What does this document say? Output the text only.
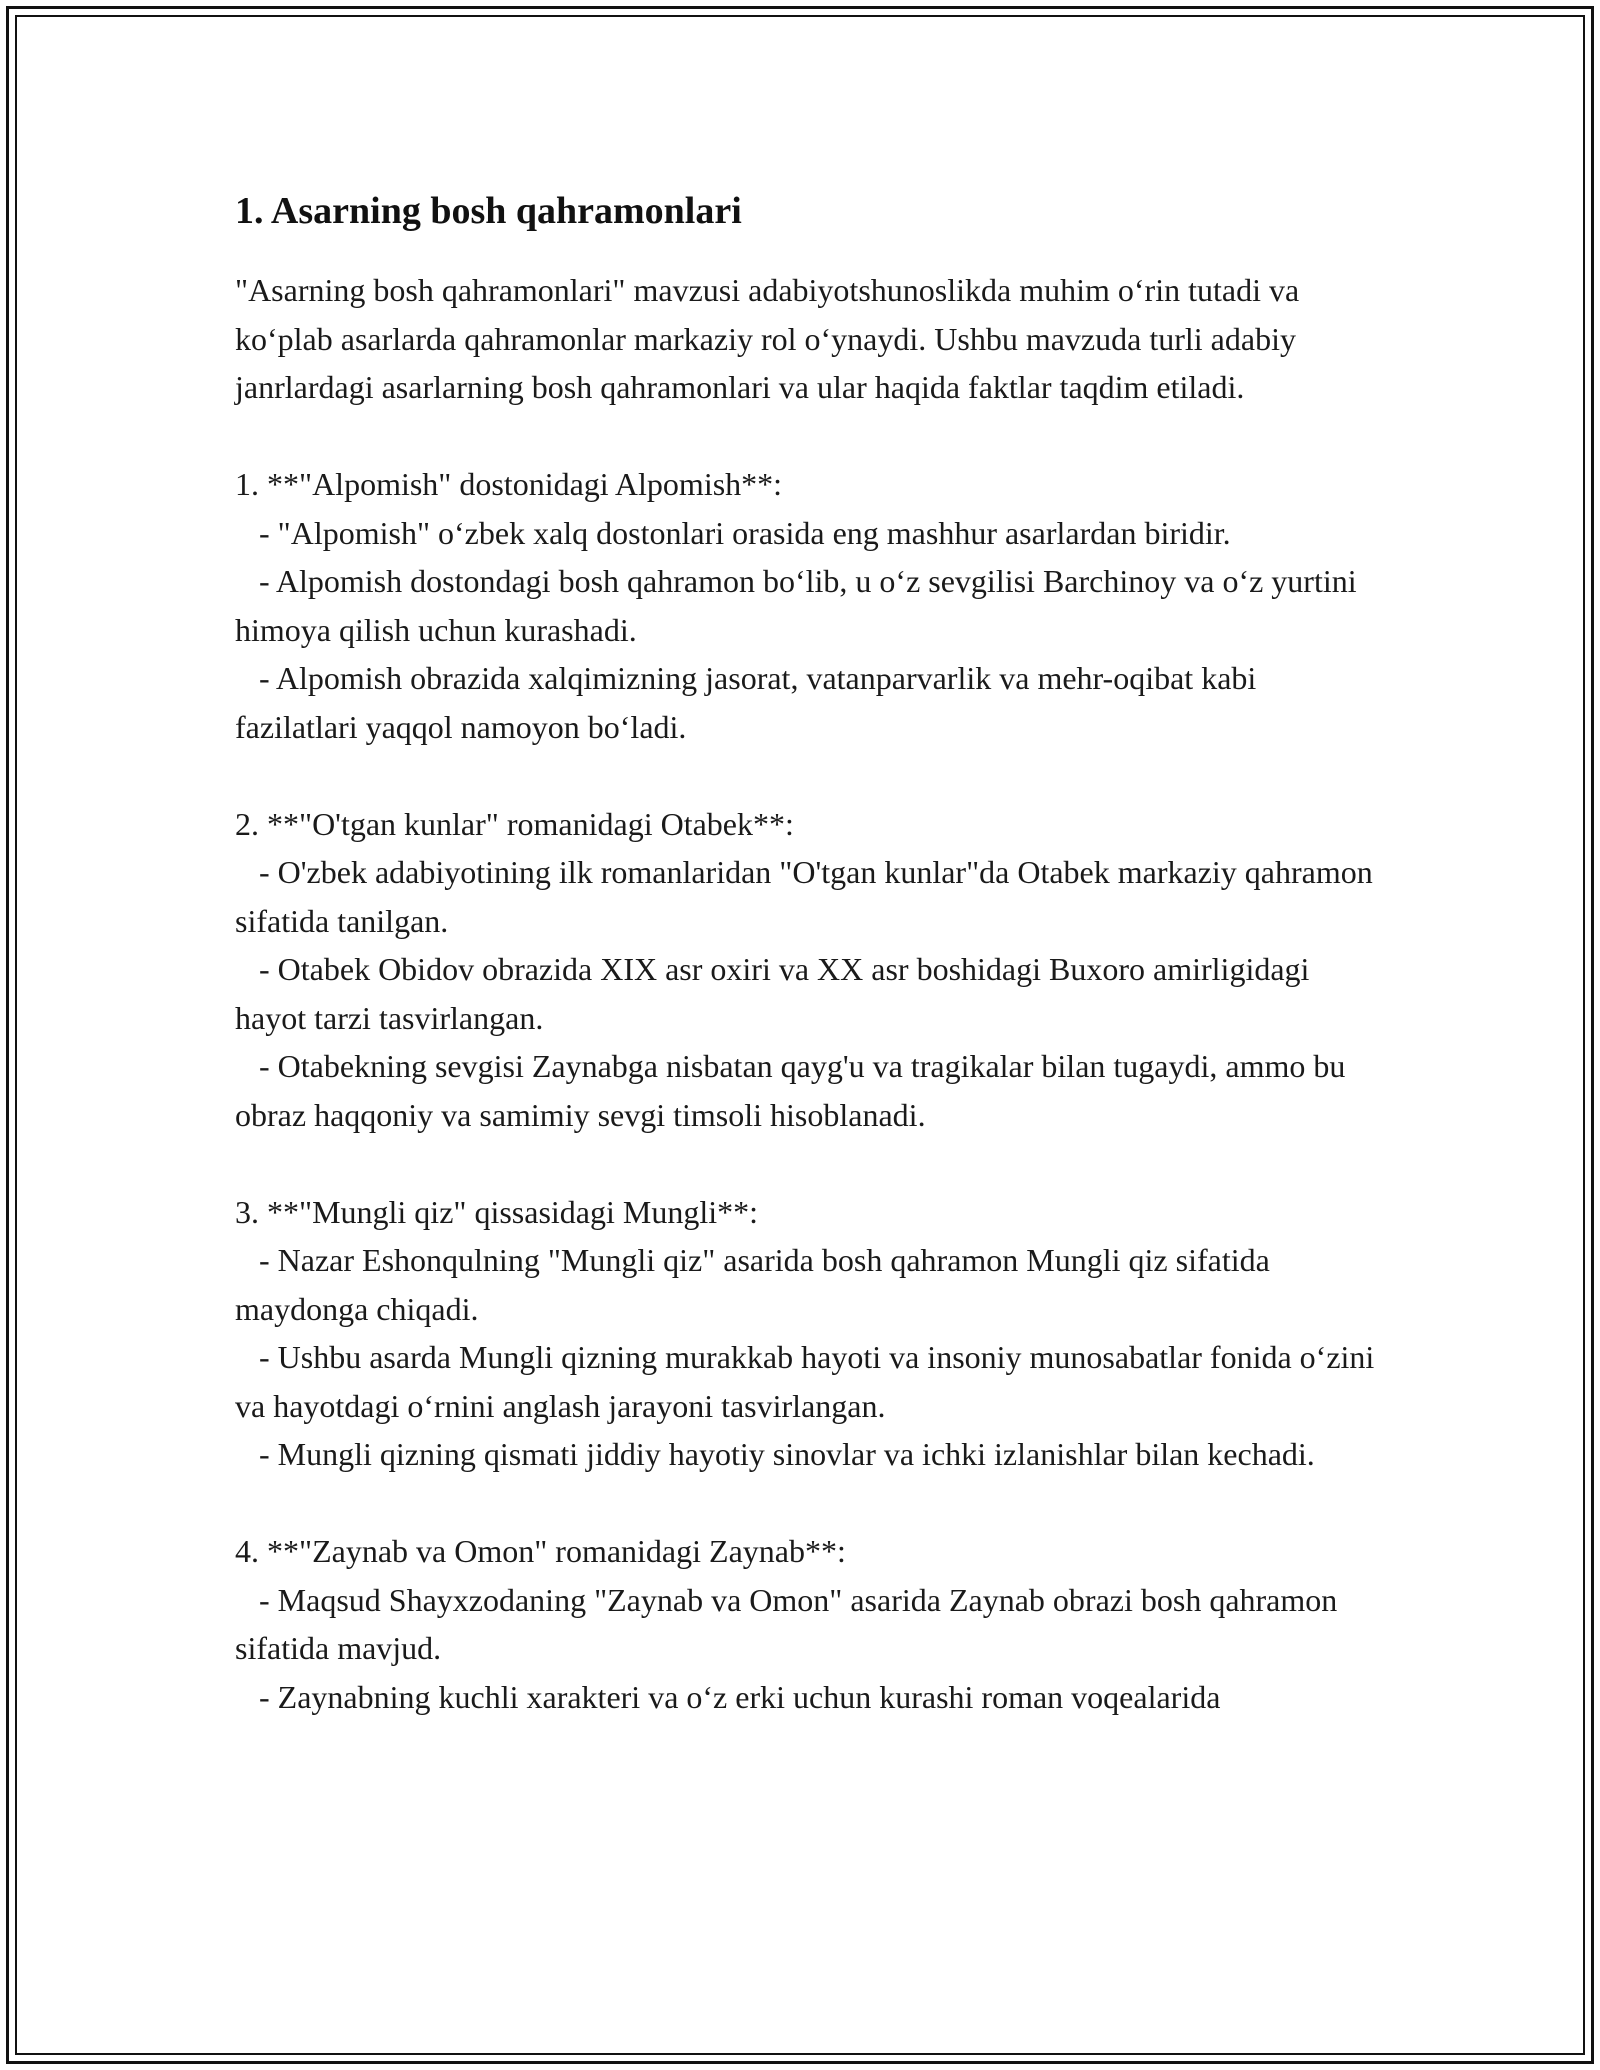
1. Asarning bosh qahramonlari

"Asarning bosh qahramonlari" mavzusi adabiyotshunoslikda muhim o‘rin tutadi va ko‘plab asarlarda qahramonlar markaziy rol o‘ynaydi. Ushbu mavzuda turli adabiy janrlardagi asarlarning bosh qahramonlari va ular haqida faktlar taqdim etiladi.

1. **"Alpomish" dostonidagi Alpomish**:

- "Alpomish" o‘zbek xalq dostonlari orasida eng mashhur asarlardan biridir.

- Alpomish dostondagi bosh qahramon bo‘lib, u o‘z sevgilisi Barchinoy va o‘z yurtini himoya qilish uchun kurashadi.

- Alpomish obrazida xalqimizning jasorat, vatanparvarlik va mehr-oqibat kabi fazilatlari yaqqol namoyon bo‘ladi.

2. **"O'tgan kunlar" romanidagi Otabek**:

- O'zbek adabiyotining ilk romanlaridan "O'tgan kunlar"da Otabek markaziy qahramon sifatida tanilgan.

- Otabek Obidov obrazida XIX asr oxiri va XX asr boshidagi Buxoro amirligidagi hayot tarzi tasvirlangan.

- Otabekning sevgisi Zaynabga nisbatan qayg'u va tragikalar bilan tugaydi, ammo bu obraz haqqoniy va samimiy sevgi timsoli hisoblanadi.

3. **"Mungli qiz" qissasidagi Mungli**:

- Nazar Eshonqulning "Mungli qiz" asarida bosh qahramon Mungli qiz sifatida maydonga chiqadi.

- Ushbu asarda Mungli qizning murakkab hayoti va insoniy munosabatlar fonida o‘zini va hayotdagi o‘rnini anglash jarayoni tasvirlangan.

- Mungli qizning qismati jiddiy hayotiy sinovlar va ichki izlanishlar bilan kechadi.

4. **"Zaynab va Omon" romanidagi Zaynab**:

- Maqsud Shayxzodaning "Zaynab va Omon" asarida Zaynab obrazi bosh qahramon sifatida mavjud.

- Zaynabning kuchli xarakteri va o‘z erki uchun kurashi roman voqealarida
